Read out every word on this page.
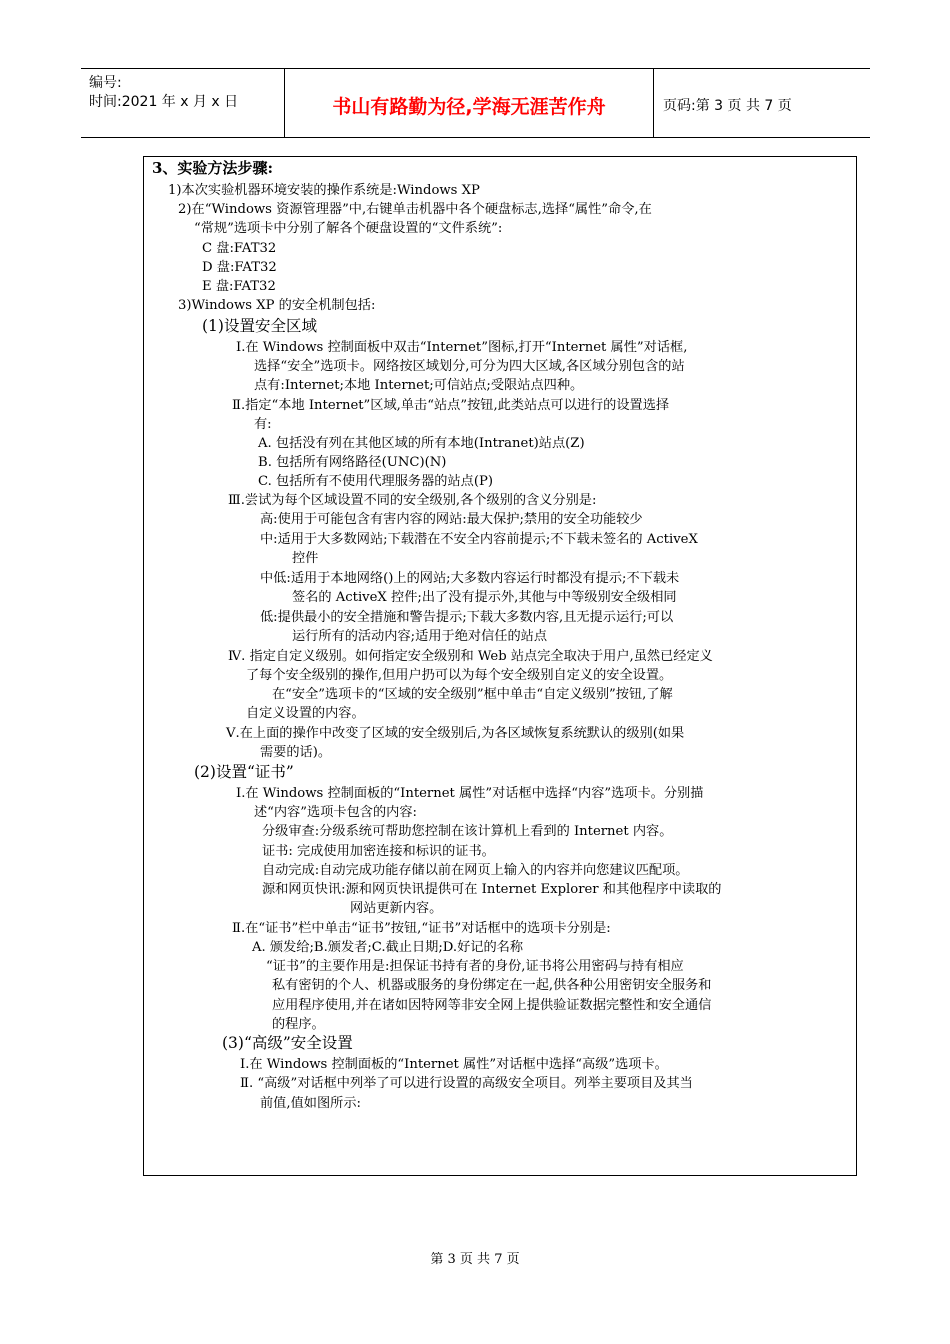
编号:
时间:2021 年 x 月 x 日	书山有路勤为径,学海无涯苦作舟	页码:第 3 页 共 7 页
3、实验方法步骤:
1)本次实验机器环境安装的操作系统是:Windows XP
2)在“Windows 资源管理器”中,右键单击机器中各个硬盘标志,选择“属性”命令,在
“常规”选项卡中分别了解各个硬盘设置的“文件系统”:
C 盘:FAT32
D 盘:FAT32
E 盘:FAT32
3)Windows XP 的安全机制包括:
(1)设置安全区域
Ⅰ.在 Windows 控制面板中双击“Internet”图标,打开“Internet 属性”对话框,
选择“安全”选项卡。网络按区域划分,可分为四大区域,各区域分别包含的站
点有:Internet;本地 Internet;可信站点;受限站点四种。
Ⅱ.指定“本地 Internet”区域,单击“站点”按钮,此类站点可以进行的设置选择
有:
A. 包括没有列在其他区域的所有本地(Intranet)站点(Z)
B. 包括所有网络路径(UNC)(N)
C. 包括所有不使用代理服务器的站点(P)
Ⅲ.尝试为每个区域设置不同的安全级别,各个级别的含义分别是:
高:使用于可能包含有害内容的网站:最大保护;禁用的安全功能较少
中:适用于大多数网站;下载潜在不安全内容前提示;不下载未签名的 ActiveX
控件
中低:适用于本地网络()上的网站;大多数内容运行时都没有提示;不下载未
签名的 ActiveX 控件;出了没有提示外,其他与中等级别安全级相同
低:提供最小的安全措施和警告提示;下载大多数内容,且无提示运行;可以
运行所有的活动内容;适用于绝对信任的站点
Ⅳ. 指定自定义级别。如何指定安全级别和 Web 站点完全取决于用户,虽然已经定义
了每个安全级别的操作,但用户扔可以为每个安全级别自定义的安全设置。
在“安全”选项卡的“区域的安全级别”框中单击“自定义级别”按钮,了解
自定义设置的内容。
Ⅴ.在上面的操作中改变了区域的安全级别后,为各区域恢复系统默认的级别(如果
需要的话)。
(2)设置“证书”
Ⅰ.在 Windows 控制面板的“Internet 属性”对话框中选择“内容”选项卡。分别描
述“内容”选项卡包含的内容:
分级审查:分级系统可帮助您控制在该计算机上看到的 Internet 内容。
证书: 完成使用加密连接和标识的证书。
自动完成:自动完成功能存储以前在网页上输入的内容并向您建议匹配项。
源和网页快讯:源和网页快讯提供可在 Internet Explorer 和其他程序中读取的
网站更新内容。
Ⅱ.在“证书”栏中单击“证书”按钮,“证书”对话框中的选项卡分别是:
A. 颁发给;B.颁发者;C.截止日期;D.好记的名称
“证书”的主要作用是:担保证书持有者的身份,证书将公用密码与持有相应
私有密钥的个人、机器或服务的身份绑定在一起,供各种公用密钥安全服务和
应用程序使用,并在诸如因特网等非安全网上提供验证数据完整性和安全通信
的程序。
(3)“高级”安全设置
Ⅰ.在 Windows 控制面板的“Internet 属性”对话框中选择“高级”选项卡。
Ⅱ. “高级”对话框中列举了可以进行设置的高级安全项目。列举主要项目及其当
前值,值如图所示:
第 3 页 共 7 页
